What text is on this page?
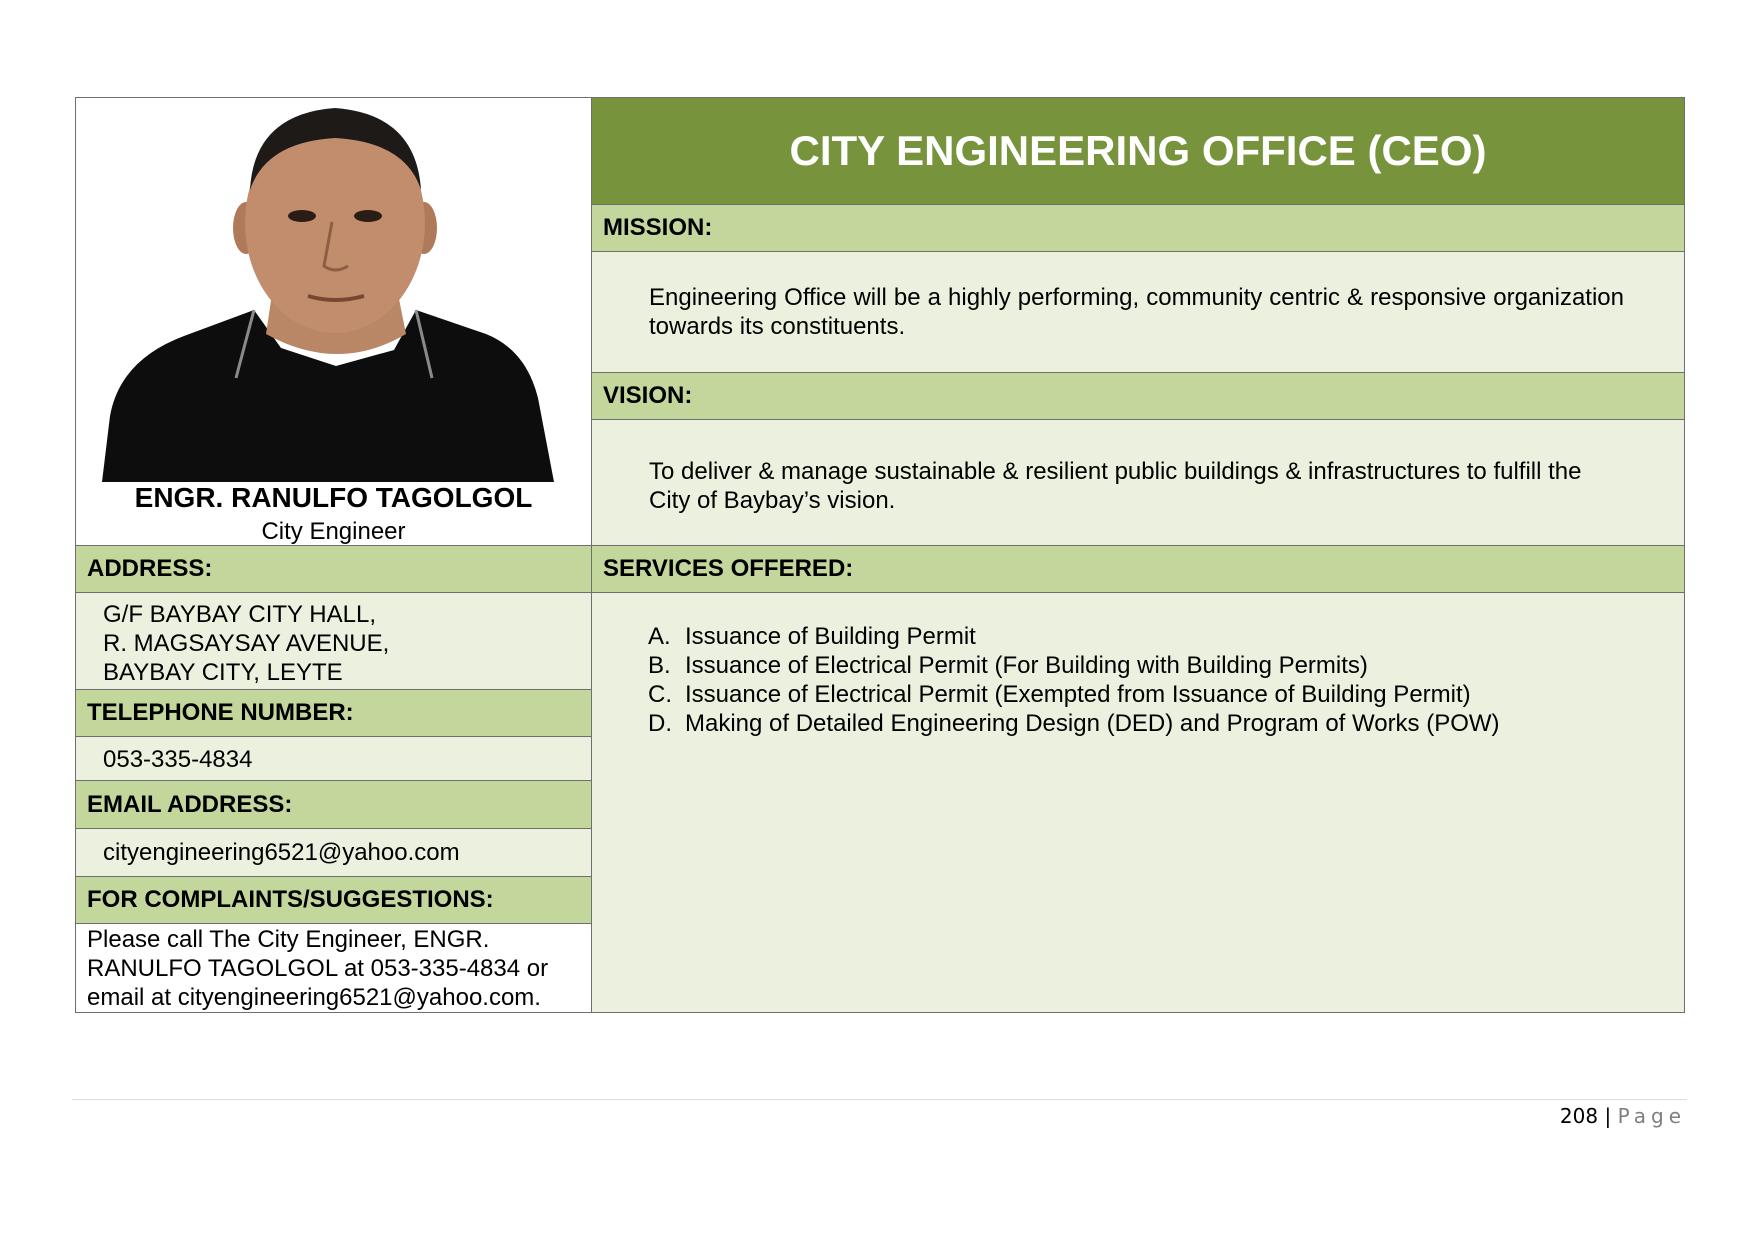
ENGR. RANULFO TAGOLGOL
City Engineer
CITY ENGINEERING OFFICE (CEO)
MISSION:
Engineering Office will be a highly performing, community centric & responsive organization towards its constituents.
VISION:
To deliver & manage sustainable & resilient public buildings & infrastructures to fulfill the City of Baybay’s vision.
ADDRESS:
G/F BAYBAY CITY HALL,
R. MAGSAYSAY AVENUE,
BAYBAY CITY, LEYTE
TELEPHONE NUMBER:
053-335-4834
EMAIL ADDRESS:
cityengineering6521@yahoo.com
FOR COMPLAINTS/SUGGESTIONS:
Please call The City Engineer, ENGR.
RANULFO TAGOLGOL at 053-335-4834 or
email at cityengineering6521@yahoo.com.
SERVICES OFFERED:
A. Issuance of Building Permit
B. Issuance of Electrical Permit (For Building with Building Permits)
C. Issuance of Electrical Permit (Exempted from Issuance of Building Permit)
D. Making of Detailed Engineering Design (DED) and Program of Works (POW)
208 | Page
